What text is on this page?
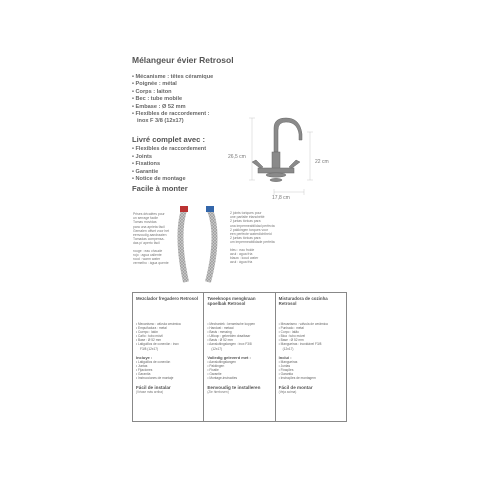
Mélangeur évier Retrosol
• Mécanisme : têtes céramique
• Poignée : métal
• Corps : laiton
• Bec : tube mobile
• Embase : Ø 52 mm
• Flexibles de raccordement :
inox F 3/8 (12x17)
Livré complet avec :
• Flexibles de raccordement
• Joints
• Fixations
• Garantie
• Notice de montage
Facile à monter
26,5 cm
22 cm
17,8 cm
Prises décalées pour
un serrage facile
Tomas movidas
para una aprieta fácil
Gemalen offset voor het
eenvoudig aandraaien
Tomadas compensa-
das p/ aperto fácil
rouge : eau chaude
rojo : agua caliente
rood : warm water
vermelho : água quente
2 joints toriques pour
une parfaite étanchéité
2 juntas tóricas para
una impermeabilidad perfecta
2 pakkingen torques voor
een perfecte waterdichtheid
2 juntas tóricas para
um impermeabilidade perfeita
bleu : eau froide
azul : agua fría
blauw : koud water
azul : água fria
Mezclador fregadero Retrosol
• Mecanismo : válvula cerámica
• Empuñadura : metal
• Cuerpo : latón
• Caño : tubo móvil
• Base : Ø 52 mm
• Latiguillos de conexión : inox
F3/8 (12x17)
Incluye :
• Latiguillos de conexión
• Juntas
• Fijaciones
• Garantía
• Instrucciones de montaje
Fácil de instalar
(Véase más arriba)
Tweeknops mengkraan spoelbak Retrosol
• Mechaniek : keramische koppen
• Handvat : metaal
• Basis : messing
• Uitloop : gekrelden draaibaar
• Basis : Ø 52 mm
• Aansluitingslangen : inox F3/8
(12x17)
Volledig geleverd met :
• Aansluitingslangen
• Pakkingen
• Fixatie
• Garantie
• Montage-instructies
Eenvoudig te installeren
(Zie hierboven)
Misturadora de cozinha Retrosol
• Mecanismo : válvula de cerâmica
• Punhado : metal
• Corpo : latão
• Bica : tubo móvel
• Base : Ø 52 mm
• Mangueiras : inoxidável F3/8
(12x17)
Inclui :
• Mangueiras
• Juntas
• Fixações
• Garantia
• Instruções de montagem
Fácil de montar
(Veja acima)
